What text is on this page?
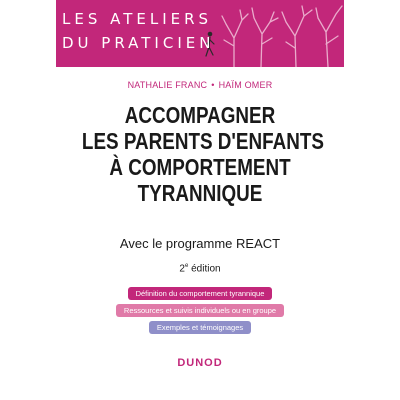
LES ATELIERS
DU PRATICIEN
NATHALIE FRANC • HAÏM OMER
ACCOMPAGNER
LES PARENTS D'ENFANTS
À COMPORTEMENT
TYRANNIQUE
Avec le programme REACT
2e édition
Définition du comportement tyrannique
Ressources et suivis individuels ou en groupe
Exemples et témoignages
DUNOD
